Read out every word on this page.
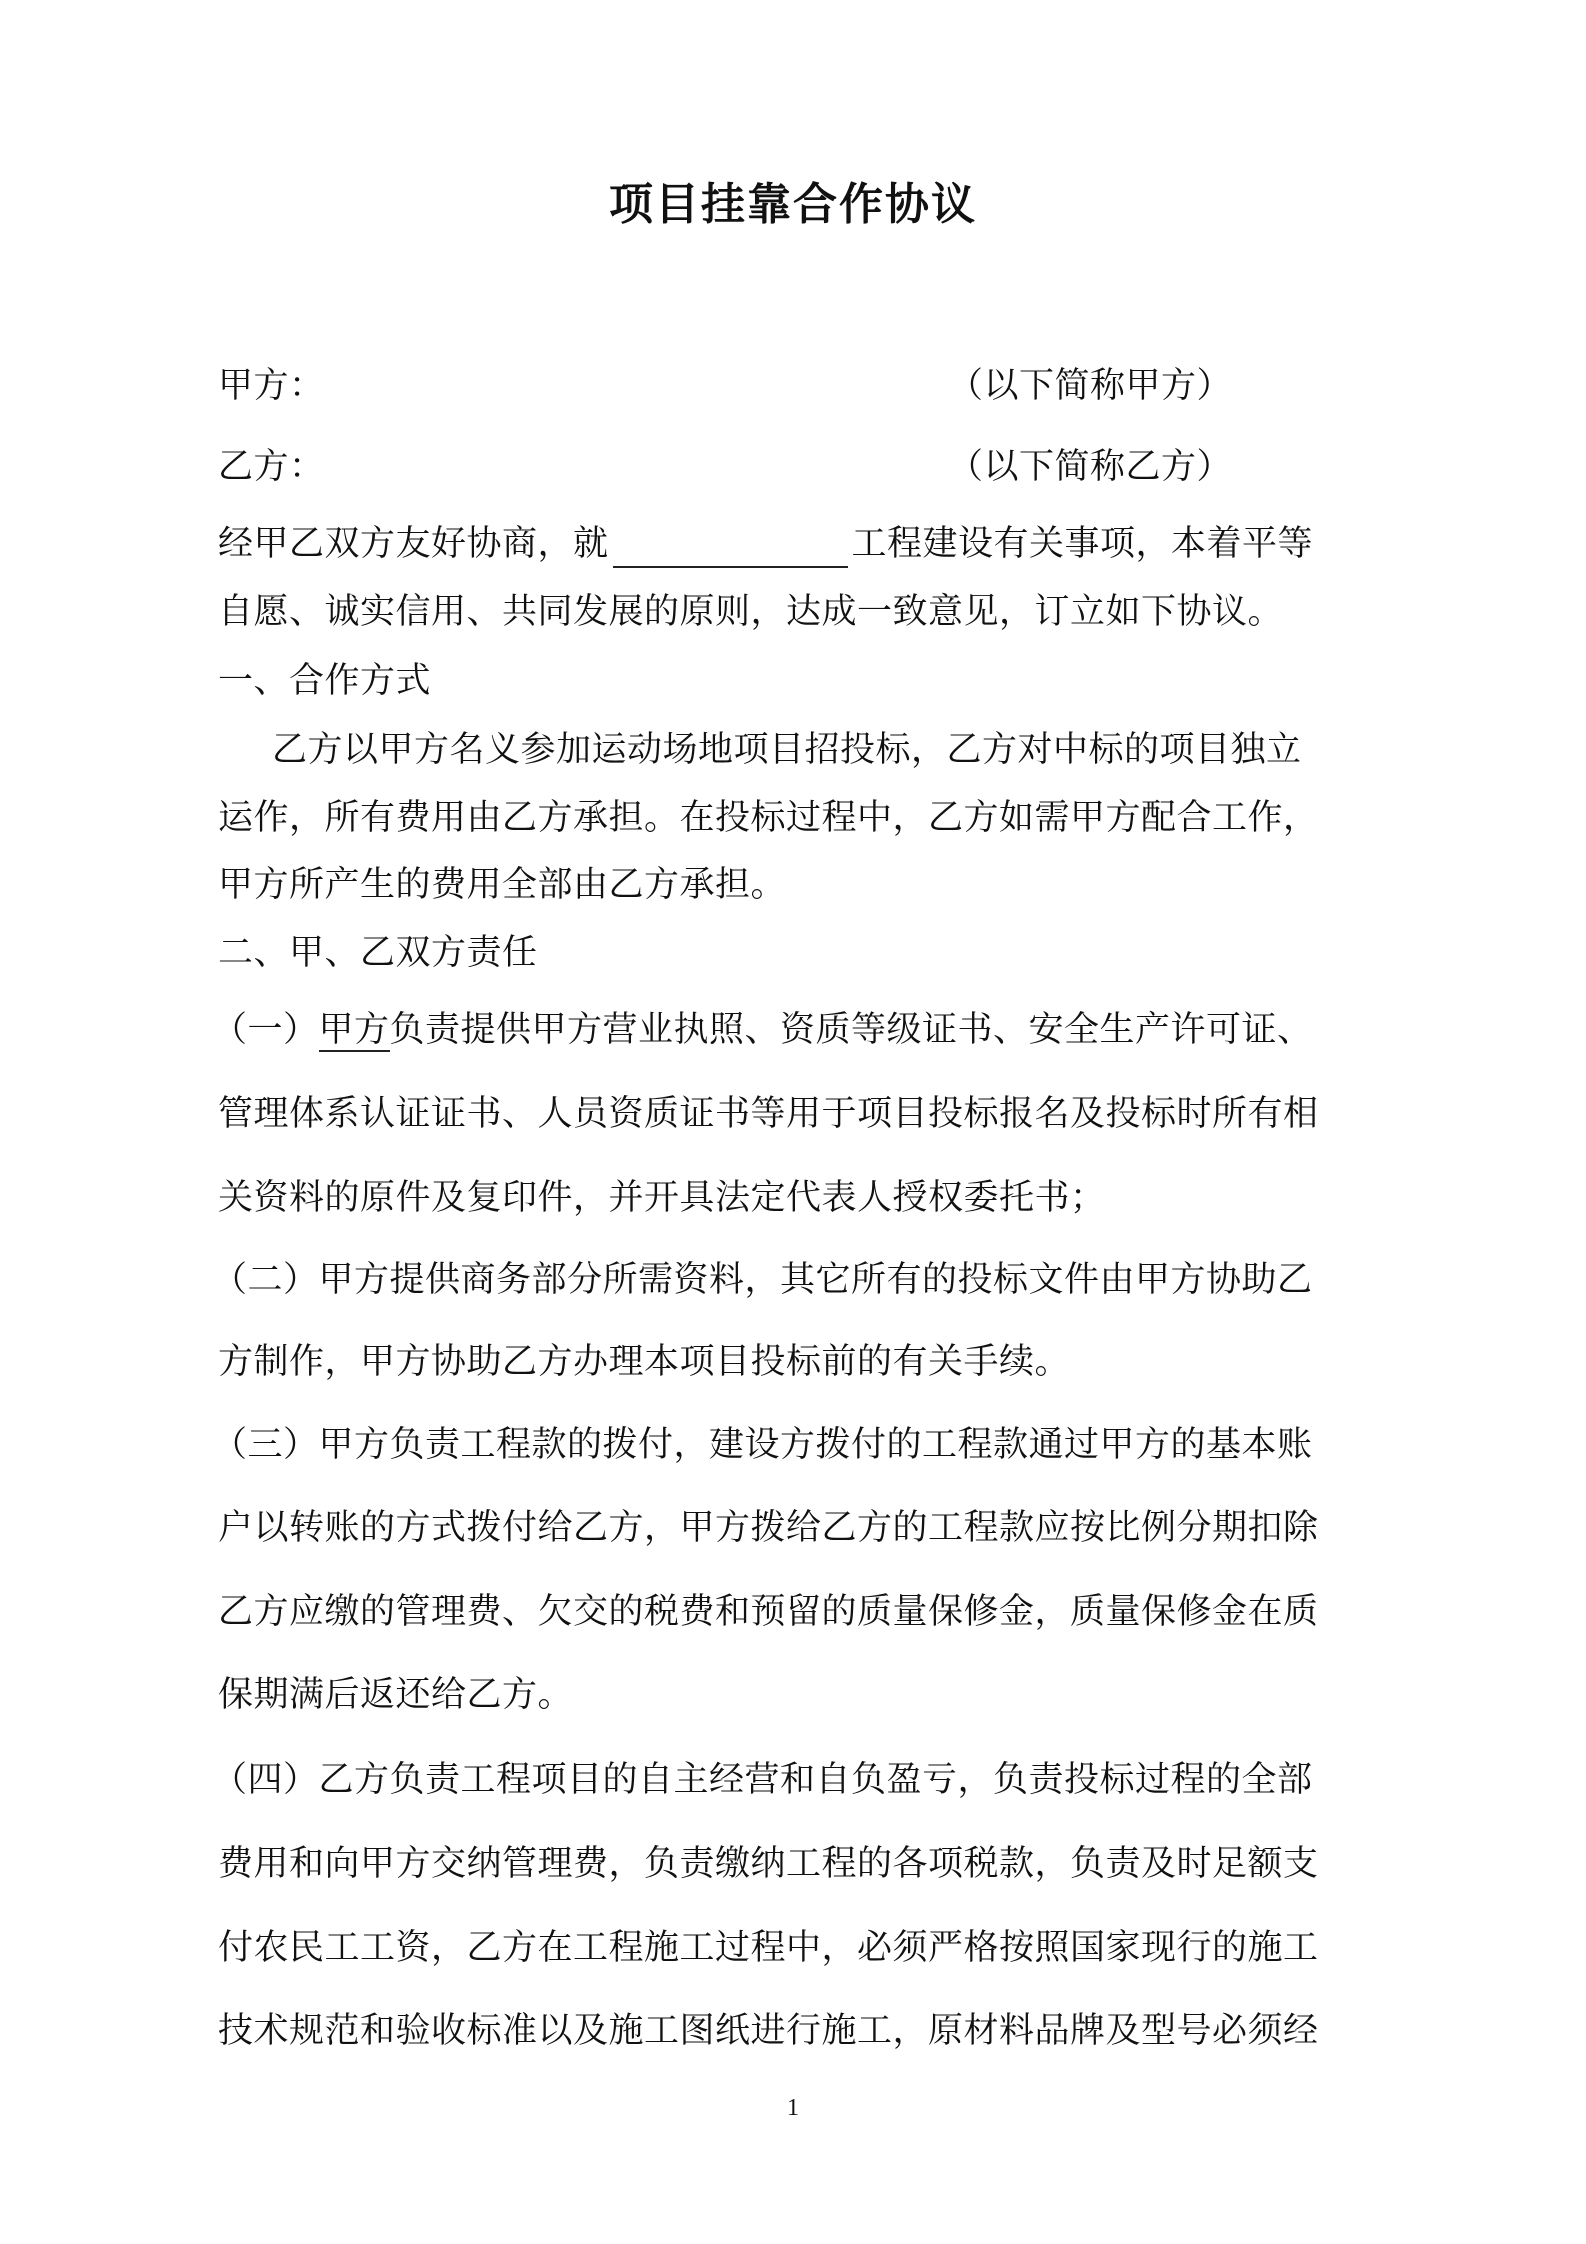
项目挂靠合作协议
甲方：	（以下简称甲方）
乙方：	（以下简称乙方）
经甲乙双方友好协商，就	工程建设有关事项，本着平等
自愿、诚实信用、共同发展的原则，达成一致意见，订立如下协议。
一、合作方式
乙方以甲方名义参加运动场地项目招投标，乙方对中标的项目独立
运作，所有费用由乙方承担。在投标过程中，乙方如需甲方配合工作，
甲方所产生的费用全部由乙方承担。
二、甲、乙双方责任
（一）甲方负责提供甲方营业执照、资质等级证书、安全生产许可证、
管理体系认证证书、人员资质证书等用于项目投标报名及投标时所有相
关资料的原件及复印件，并开具法定代表人授权委托书；
（二）甲方提供商务部分所需资料，其它所有的投标文件由甲方协助乙
方制作，甲方协助乙方办理本项目投标前的有关手续。
（三）甲方负责工程款的拨付，建设方拨付的工程款通过甲方的基本账
户以转账的方式拨付给乙方，甲方拨给乙方的工程款应按比例分期扣除
乙方应缴的管理费、欠交的税费和预留的质量保修金，质量保修金在质
保期满后返还给乙方。
（四）乙方负责工程项目的自主经营和自负盈亏，负责投标过程的全部
费用和向甲方交纳管理费，负责缴纳工程的各项税款，负责及时足额支
付农民工工资，乙方在工程施工过程中，必须严格按照国家现行的施工
技术规范和验收标准以及施工图纸进行施工，原材料品牌及型号必须经
1
